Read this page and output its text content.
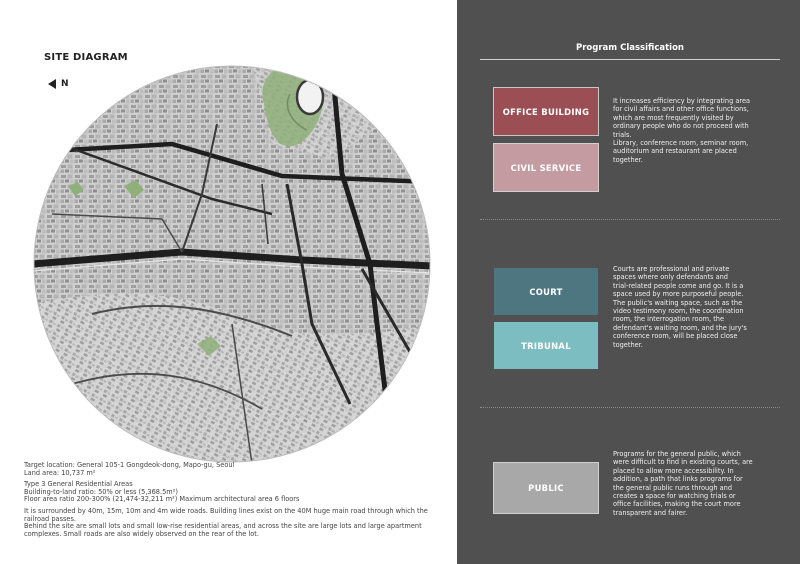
SITE DIAGRAM
N

Target location: General 105-1 Gongdeok-dong, Mapo-gu, Seoul
Land area: 10,737 m²

Type 3 General Residential Areas
Building-to-land ratio: 50% or less (5,368.5m²)
Floor area ratio 200-300% (21,474-32,211 m²) Maximum architectural area 6 floors

It is surrounded by 40m, 15m, 10m and 4m wide roads. Building lines exist on the 40M huge main road through which the
railroad passes.
Behind the site are small lots and small low-rise residential areas, and across the site are large lots and large apartment
complexes. Small roads are also widely observed on the rear of the lot.

Program Classification
OFFICE BUILDING
CIVIL SERVICE
It increases efficiency by integrating area
for civil affairs and other office functions,
which are most frequently visited by
ordinary people who do not proceed with
trials.
Library, conference room, seminar room,
auditorium and restaurant are placed
together.
COURT
TRIBUNAL
Courts are professional and private
spaces where only defendants and
trial-related people come and go. It is a
space used by more purposeful people.
The public's waiting space, such as the
video testimony room, the coordination
room, the interrogation room, the
defendant's waiting room, and the jury's
conference room, will be placed close
together.
PUBLIC
Programs for the general public, which
were difficult to find in existing courts, are
placed to allow more accessibility. In
addition, a path that links programs for
the general public runs through and
creates a space for watching trials or
office facilities, making the court more
transparent and fairer.
